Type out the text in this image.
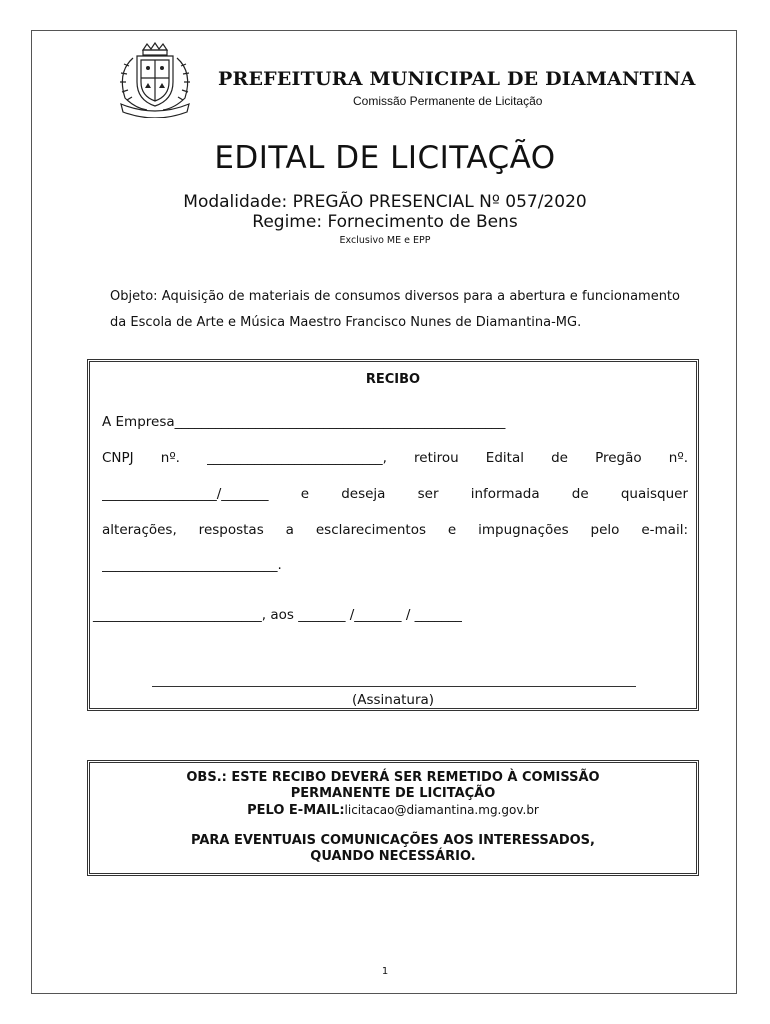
PREFEITURA MUNICIPAL DE DIAMANTINA
Comissão Permanente de Licitação
EDITAL DE LICITAÇÃO
Modalidade: PREGÃO PRESENCIAL Nº 057/2020
Regime: Fornecimento de Bens
Exclusivo ME e EPP
Objeto: Aquisição de materiais de consumos diversos para a abertura e funcionamento da Escola de Arte e Música Maestro Francisco Nunes de Diamantina-MG.
RECIBO
A Empresa_________________________________________________
CNPJ nº. __________________________, retirou Edital de Pregão nº.
_________________/_______ e deseja ser informada de quaisquer
alterações, respostas a esclarecimentos e impugnações pelo e-mail:
__________________________.
_________________________, aos _______ /_______ / _______
(Assinatura)
OBS.: ESTE RECIBO DEVERÁ SER REMETIDO À COMISSÃO
PERMANENTE DE LICITAÇÃO
PELO E-MAIL:licitacao@diamantina.mg.gov.br
PARA EVENTUAIS COMUNICAÇÕES AOS INTERESSADOS,
QUANDO NECESSÁRIO.
1
